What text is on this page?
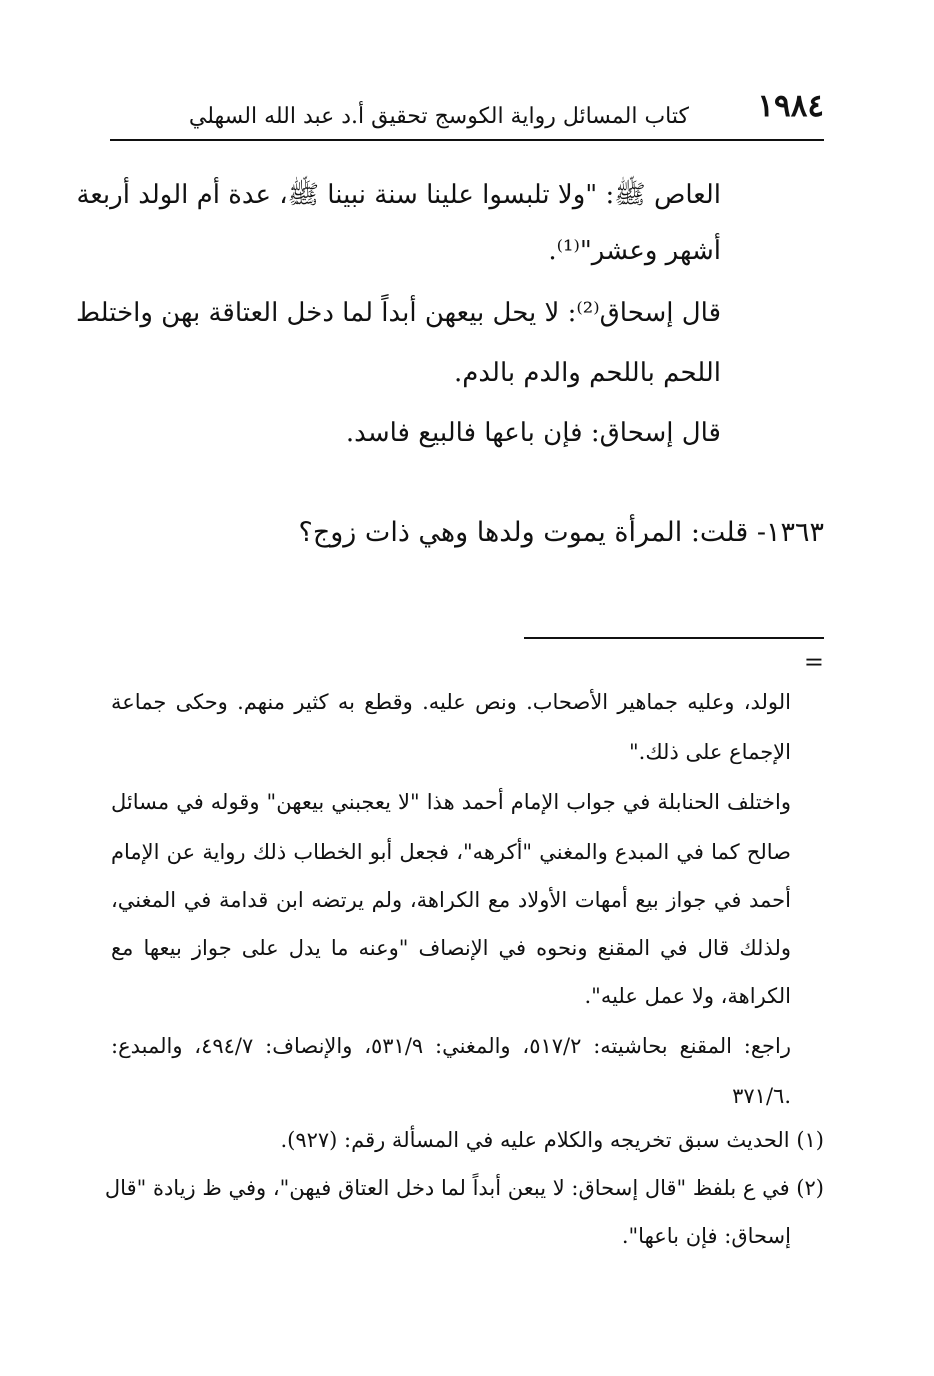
١٩٨٤
كتاب المسائل رواية الكوسج تحقيق أ.د عبد الله السهلي
العاص ﷺ: "ولا تلبسوا علينا سنة نبينا ﷺ، عدة أم الولد أربعة
أشهر وعشر"⁽¹⁾.
قال إسحاق⁽²⁾: لا يحل بيعهن أبداً لما دخل العتاقة بهن واختلط
اللحم باللحم والدم بالدم.
قال إسحاق: فإن باعها فالبيع فاسد.
١٣٦٣- قلت: المرأة يموت ولدها وهي ذات زوج؟
=
الولد، وعليه جماهير الأصحاب. ونص عليه. وقطع به كثير منهم. وحكى جماعة
الإجماع على ذلك."
واختلف الحنابلة في جواب الإمام أحمد هذا "لا يعجبني بيعهن" وقوله في مسائل
صالح كما في المبدع والمغني "أكرهه"، فجعل أبو الخطاب ذلك رواية عن الإمام
أحمد في جواز بيع أمهات الأولاد مع الكراهة، ولم يرتضه ابن قدامة في المغني،
ولذلك قال في المقنع ونحوه في الإنصاف "وعنه ما يدل على جواز بيعها مع
الكراهة، ولا عمل عليه".
راجع: المقنع بحاشيته: ٥١٧/٢، والمغني: ٥٣١/٩، والإنصاف: ٤٩٤/٧، والمبدع:
.٣٧١/٦
(١) الحديث سبق تخريجه والكلام عليه في المسألة رقم: (٩٢٧).
(٢) في ع بلفظ "قال إسحاق: لا يبعن أبداً لما دخل العتاق فيهن"، وفي ظ زيادة "قال
إسحاق: فإن باعها".
